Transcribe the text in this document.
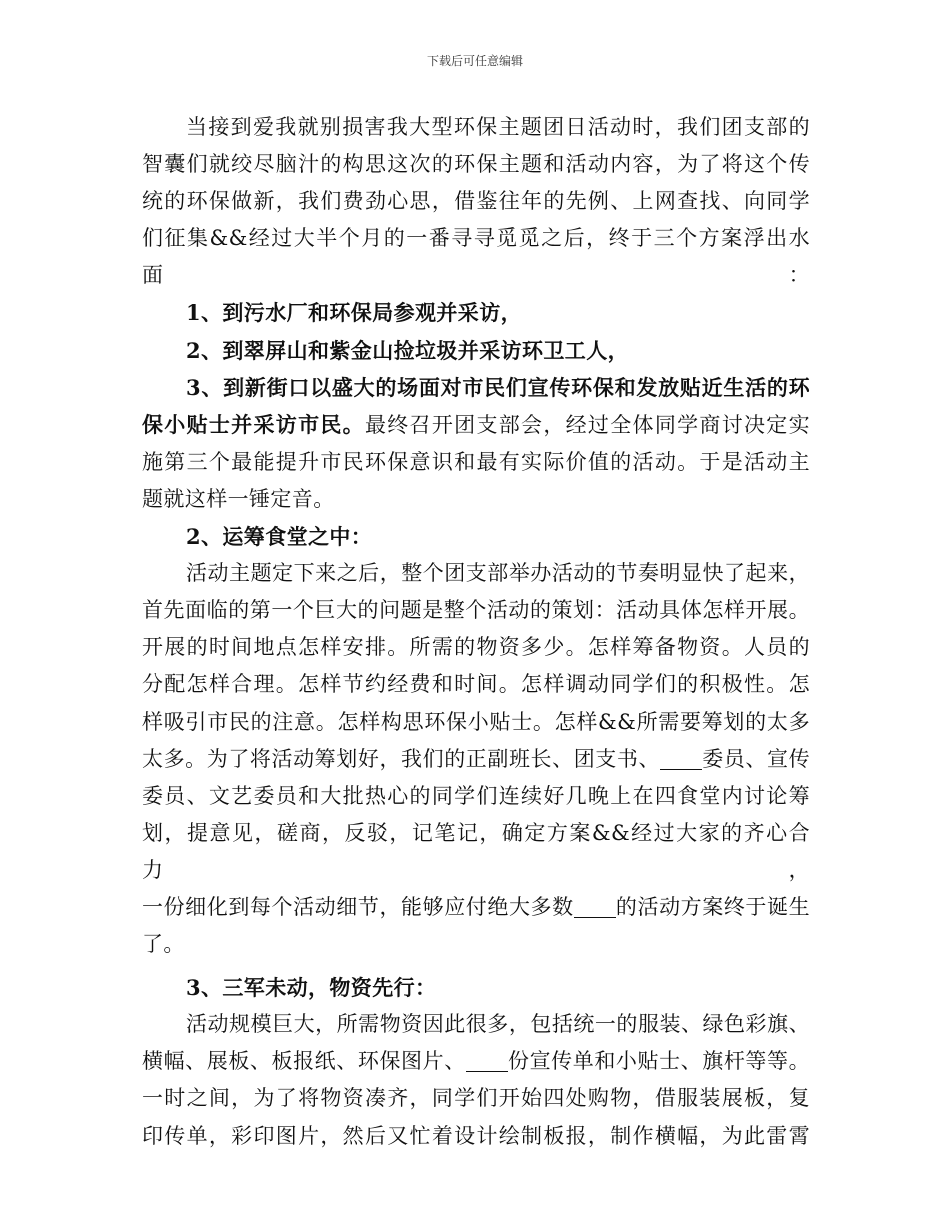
下载后可任意编辑

当接到爱我就别损害我大型环保主题团日活动时，我们团支部的

智囊们就绞尽脑汁的构思这次的环保主题和活动内容，为了将这个传

统的环保做新，我们费劲心思，借鉴往年的先例、上网查找、向同学

们征集&&经过大半个月的一番寻寻觅觅之后，终于三个方案浮出水面：

1、到污水厂和环保局参观并采访，

2、到翠屏山和紫金山捡垃圾并采访环卫工人，

3、到新街口以盛大的场面对市民们宣传环保和发放贴近生活的环

保小贴士并采访市民。最终召开团支部会，经过全体同学商讨决定实

施第三个最能提升市民环保意识和最有实际价值的活动。于是活动主

题就这样一锤定音。

2、运筹食堂之中：

活动主题定下来之后，整个团支部举办活动的节奏明显快了起来，

首先面临的第一个巨大的问题是整个活动的策划：活动具体怎样开展。

开展的时间地点怎样安排。所需的物资多少。怎样筹备物资。人员的

分配怎样合理。怎样节约经费和时间。怎样调动同学们的积极性。怎

样吸引市民的注意。怎样构思环保小贴士。怎样&&所需要筹划的太多

太多。为了将活动筹划好，我们的正副班长、团支书、 委员、宣传

委员、文艺委员和大批热心的同学们连续好几晚上在四食堂内讨论筹

划，提意见，磋商，反驳，记笔记，确定方案&&经过大家的齐心合力，

一份细化到每个活动细节，能够应付绝大多数 的活动方案终于诞生

了。

3、三军未动，物资先行：

活动规模巨大，所需物资因此很多，包括统一的服装、绿色彩旗、

横幅、展板、板报纸、环保图片、 份宣传单和小贴士、旗杆等等。

一时之间，为了将物资凑齐，同学们开始四处购物，借服装展板，复

印传单，彩印图片，然后又忙着设计绘制板报，制作横幅，为此雷霄
